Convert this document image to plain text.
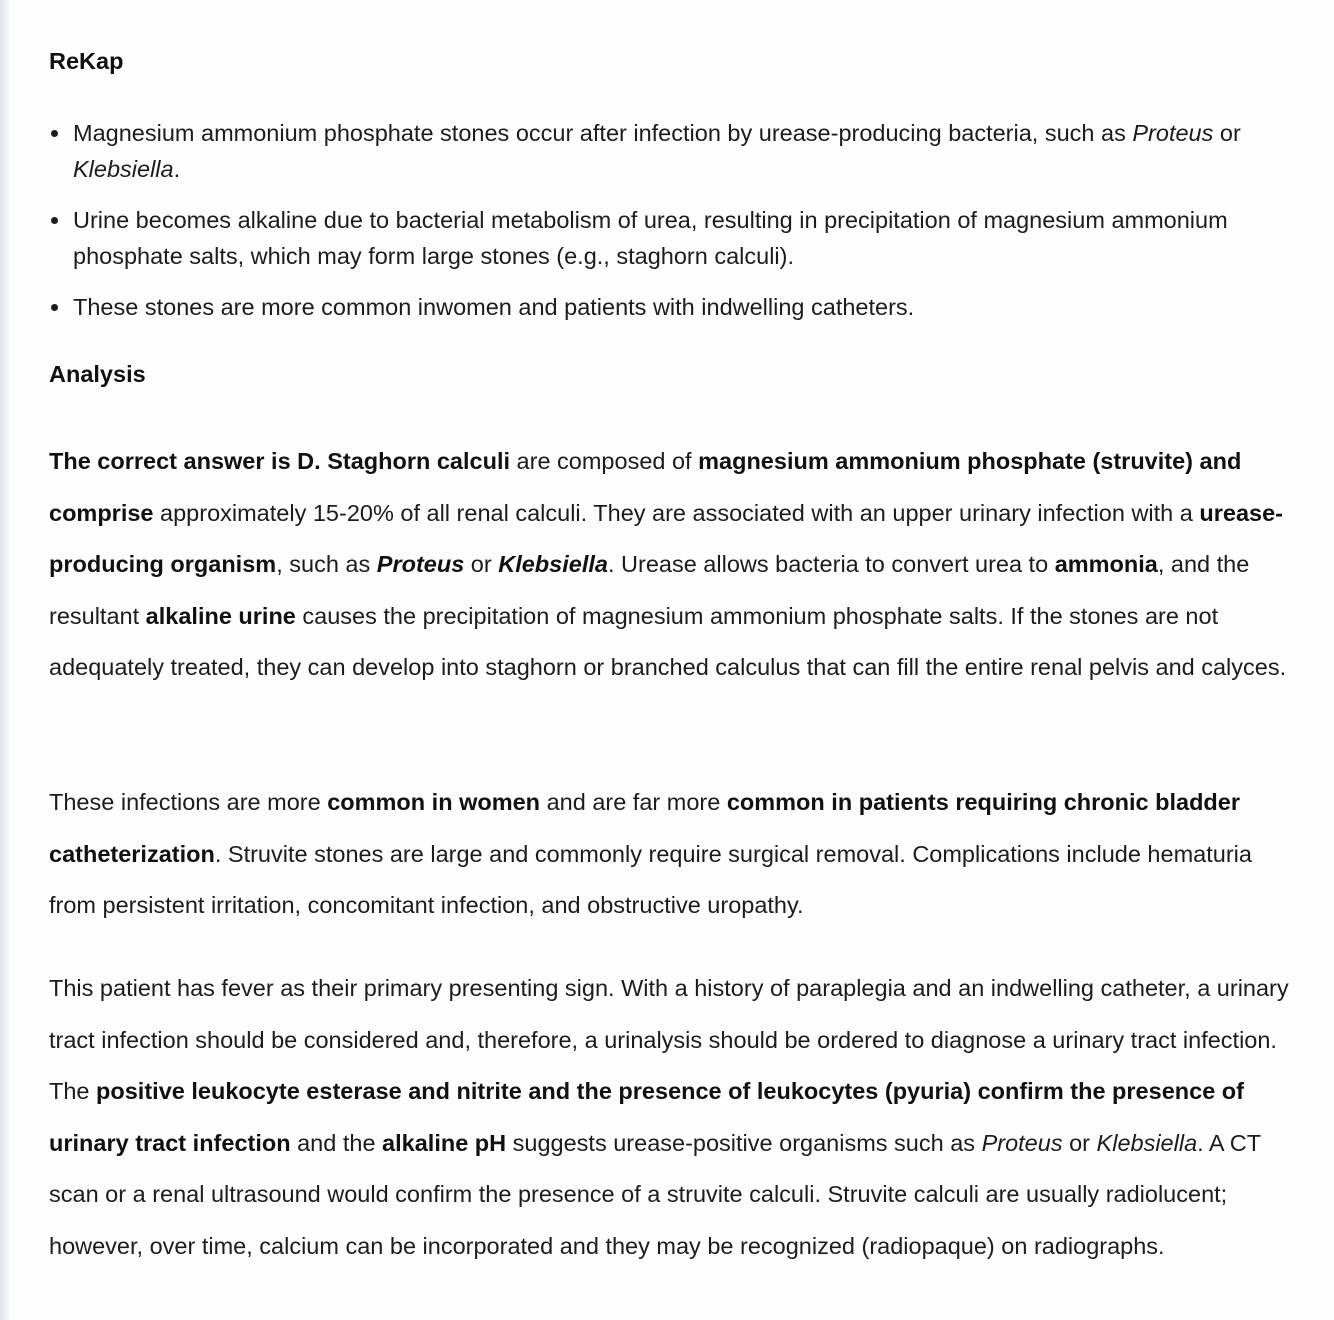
ReKap
Magnesium ammonium phosphate stones occur after infection by urease-producing bacteria, such as Proteus or Klebsiella.
Urine becomes alkaline due to bacterial metabolism of urea, resulting in precipitation of magnesium ammonium phosphate salts, which may form large stones (e.g., staghorn calculi).
These stones are more common inwomen and patients with indwelling catheters.
Analysis

The correct answer is D. Staghorn calculi are composed of magnesium ammonium phosphate (struvite) and comprise approximately 15-20% of all renal calculi. They are associated with an upper urinary infection with a urease-producing organism, such as Proteus or Klebsiella. Urease allows bacteria to convert urea to ammonia, and the resultant alkaline urine causes the precipitation of magnesium ammonium phosphate salts. If the stones are not adequately treated, they can develop into staghorn or branched calculus that can fill the entire renal pelvis and calyces.

These infections are more common in women and are far more common in patients requiring chronic bladder catheterization. Struvite stones are large and commonly require surgical removal. Complications include hematuria from persistent irritation, concomitant infection, and obstructive uropathy.

This patient has fever as their primary presenting sign. With a history of paraplegia and an indwelling catheter, a urinary tract infection should be considered and, therefore, a urinalysis should be ordered to diagnose a urinary tract infection. The positive leukocyte esterase and nitrite and the presence of leukocytes (pyuria) confirm the presence of urinary tract infection and the alkaline pH suggests urease-positive organisms such as Proteus or Klebsiella. A CT scan or a renal ultrasound would confirm the presence of a struvite calculi. Struvite calculi are usually radiolucent; however, over time, calcium can be incorporated and they may be recognized (radiopaque) on radiographs.
